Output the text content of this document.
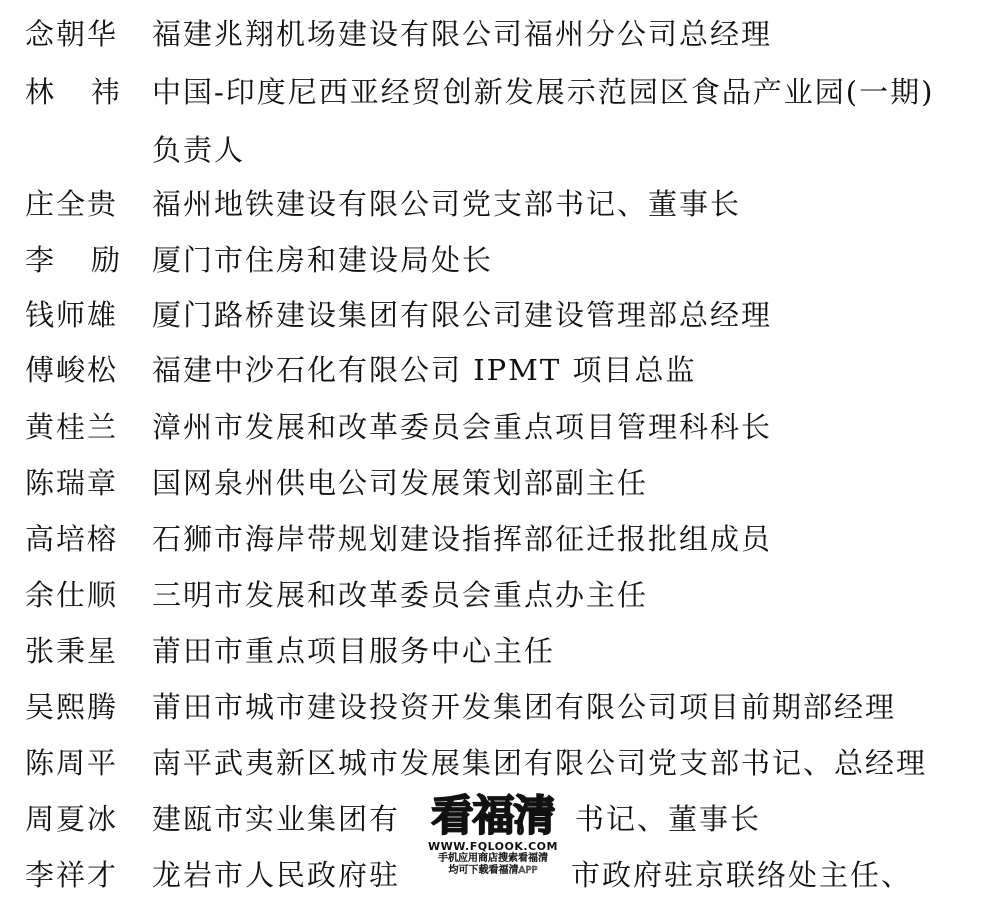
念朝华 福建兆翔机场建设有限公司福州分公司总经理
林 祎 中国-印度尼西亚经贸创新发展示范园区食品产业园(一期)
负责人
庄全贵 福州地铁建设有限公司党支部书记、董事长
李 励 厦门市住房和建设局处长
钱师雄 厦门路桥建设集团有限公司建设管理部总经理
傅峻松 福建中沙石化有限公司 IPMT 项目总监
黄桂兰 漳州市发展和改革委员会重点项目管理科科长
陈瑞章 国网泉州供电公司发展策划部副主任
高培榕 石狮市海岸带规划建设指挥部征迁报批组成员
余仕顺 三明市发展和改革委员会重点办主任
张秉星 莆田市重点项目服务中心主任
吴熙腾 莆田市城市建设投资开发集团有限公司项目前期部经理
陈周平 南平武夷新区城市发展集团有限公司党支部书记、总经理
周夏冰 建瓯市实业集团有	书记、董事长
李祥才 龙岩市人民政府驻	市政府驻京联络处主任、
看福清
WWW.FQLOOK.COM
手机应用商店搜索看福清
均可下载看福清APP
